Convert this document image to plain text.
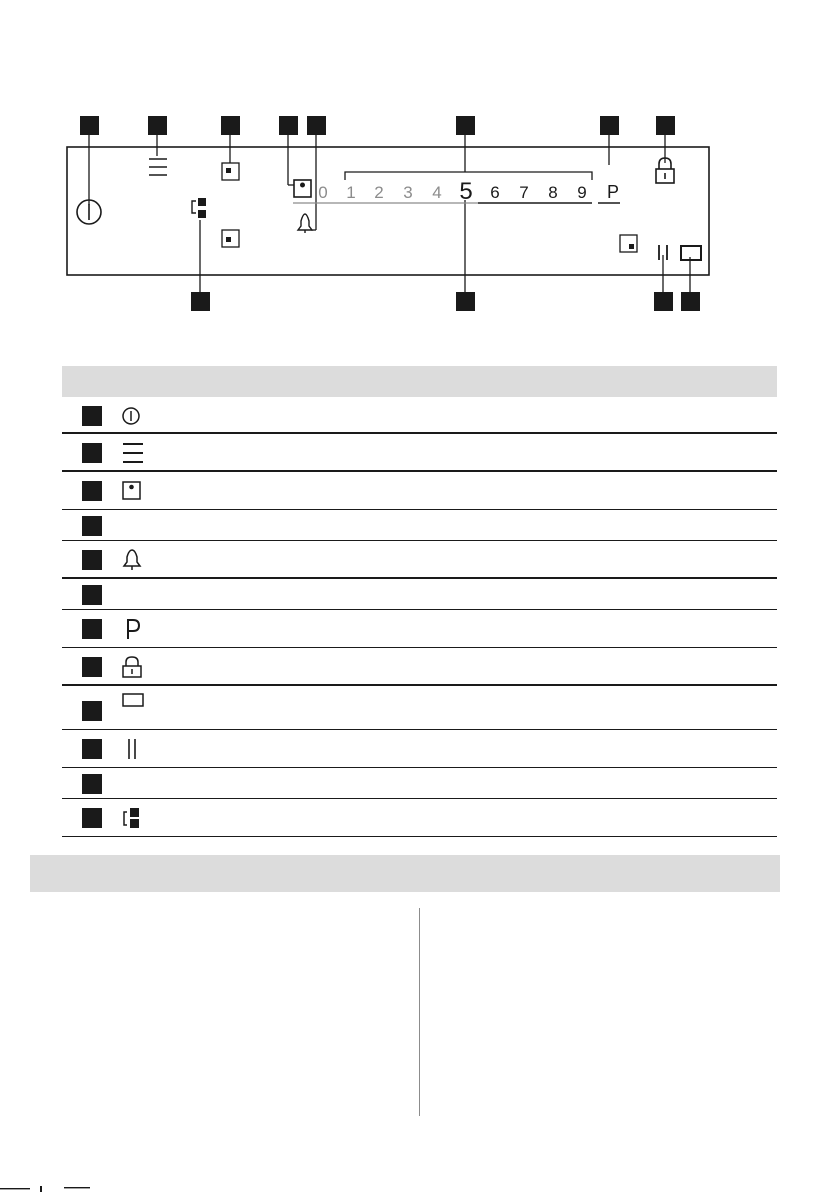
0 1 2 3 4 5 6 7 8 9 P
